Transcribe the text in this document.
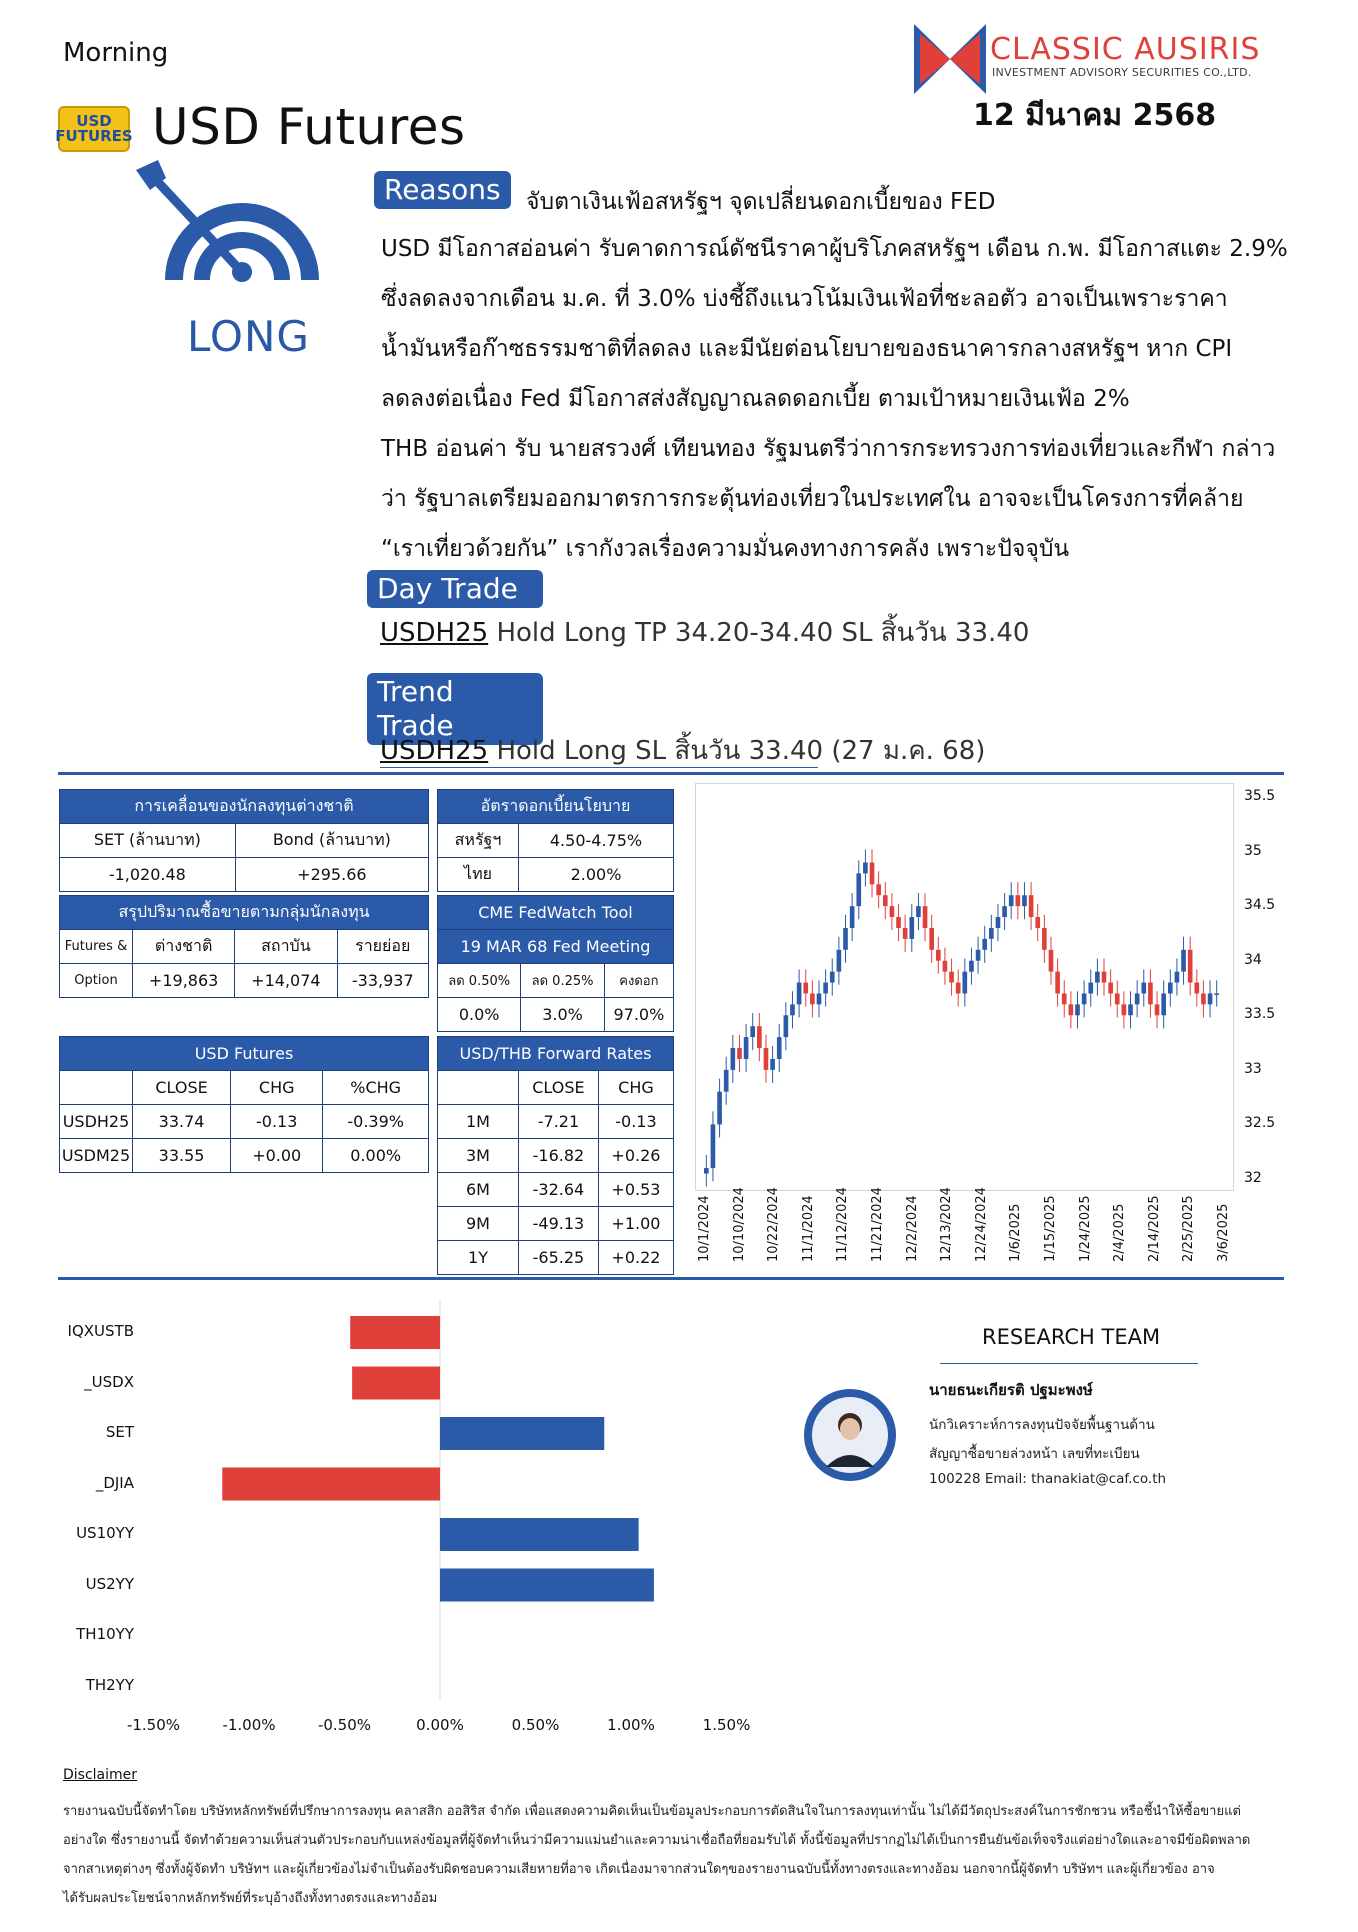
Morning
USD FUTURES USD Futures
CLASSIC AUSIRIS
INVESTMENT ADVISORY SECURITIES CO.,LTD.
12 มีนาคม 2568
LONG
Reasons	จับตาเงินเฟ้อสหรัฐฯ จุดเปลี่ยนดอกเบี้ยของ FED
USD มีโอกาสอ่อนค่า รับคาดการณ์ดัชนีราคาผู้บริโภคสหรัฐฯ เดือน ก.พ. มีโอกาสแตะ 2.9%
ซึ่งลดลงจากเดือน ม.ค. ที่ 3.0% บ่งชี้ถึงแนวโน้มเงินเฟ้อที่ชะลอตัว อาจเป็นเพราะราคา
น้ำมันหรือก๊าซธรรมชาติที่ลดลง และมีนัยต่อนโยบายของธนาคารกลางสหรัฐฯ หาก CPI
ลดลงต่อเนื่อง Fed มีโอกาสส่งสัญญาณลดดอกเบี้ย ตามเป้าหมายเงินเฟ้อ 2%
THB อ่อนค่า รับ นายสรวงศ์ เทียนทอง รัฐมนตรีว่าการกระทรวงการท่องเที่ยวและกีฬา กล่าว
ว่า รัฐบาลเตรียมออกมาตรการกระตุ้นท่องเที่ยวในประเทศใน อาจจะเป็นโครงการที่คล้าย
“เราเที่ยวด้วยกัน” เรากังวลเรื่องความมั่นคงทางการคลัง เพราะปัจจุบัน
Day Trade
USDH25 Hold Long TP 34.20-34.40 SL สิ้นวัน 33.40
Trend Trade
USDH25 Hold Long SL สิ้นวัน 33.40 (27 ม.ค. 68)
การเคลื่อนของนักลงทุนต่างชาติ	
SET (ล้านบาท)	Bond (ล้านบาท)
-1,020.48	+295.66
อัตราดอกเบี้ยนโยบาย	
สหรัฐฯ	4.50-4.75%
ไทย	2.00%
สรุปปริมาณซื้อขายตามกลุ่มนักลงทุน			
Futures &	ต่างชาติ	สถาบัน	รายย่อย
Option	+19,863	+14,074	-33,937
CME FedWatch Tool		
19 MAR 68 Fed Meeting		
ลด 0.50%	ลด 0.25%	คงดอก
0.0%	3.0%	97.0%
USD Futures			
	CLOSE	CHG	%CHG
USDH25	33.74	-0.13	-0.39%
USDM25	33.55	+0.00	0.00%
USD/THB Forward Rates		
	CLOSE	CHG
1M	-7.21	-0.13
3M	-16.82	+0.26
6M	-32.64	+0.53
9M	-49.13	+1.00
1Y	-65.25	+0.22
35.5
35
34.5
34
33.5
33
32.5
32
10/1/2024 10/10/2024 10/22/2024 11/1/2024 11/12/2024 11/21/2024 12/2/2024 12/13/2024 12/24/2024 1/6/2025 1/15/2025 1/24/2025 2/4/2025 2/14/2025 2/25/2025 3/6/2025
IQXUSTB
_USDX
SET
_DJIA
US10YY
US2YY
TH10YY
TH2YY
-1.50%	-1.00%	-0.50%	0.00%	0.50%	1.00%	1.50%
RESEARCH TEAM
นายธนะเกียรติ ปฐมะพงษ์
นักวิเคราะห์การลงทุนปัจจัยพื้นฐานด้าน
สัญญาซื้อขายล่วงหน้า เลขที่ทะเบียน
100228 Email: thanakiat@caf.co.th
Disclaimer
รายงานฉบับนี้จัดทำโดย บริษัทหลักทรัพย์ที่ปรึกษาการลงทุน คลาสสิก ออสิริส จำกัด เพื่อแสดงความคิดเห็นเป็นข้อมูลประกอบการตัดสินใจในการลงทุนเท่านั้น ไม่ได้มีวัตถุประสงค์ในการชักชวน หรือชี้นำให้ซื้อขายแต่
อย่างใด ซึ่งรายงานนี้ จัดทำด้วยความเห็นส่วนตัวประกอบกับแหล่งข้อมูลที่ผู้จัดทำเห็นว่ามีความแม่นยำและความน่าเชื่อถือที่ยอมรับได้ ทั้งนี้ข้อมูลที่ปรากฏไม่ได้เป็นการยืนยันข้อเท็จจริงแต่อย่างใดและอาจมีข้อผิดพลาด
จากสาเหตุต่างๆ ซึ่งทั้งผู้จัดทำ บริษัทฯ และผู้เกี่ยวข้องไม่จำเป็นต้องรับผิดชอบความเสียหายที่อาจ เกิดเนื่องมาจากส่วนใดๆของรายงานฉบับนี้ทั้งทางตรงและทางอ้อม นอกจากนี้ผู้จัดทำ บริษัทฯ และผู้เกี่ยวข้อง อาจ
ได้รับผลประโยชน์จากหลักทรัพย์ที่ระบุอ้างถึงทั้งทางตรงและทางอ้อม
